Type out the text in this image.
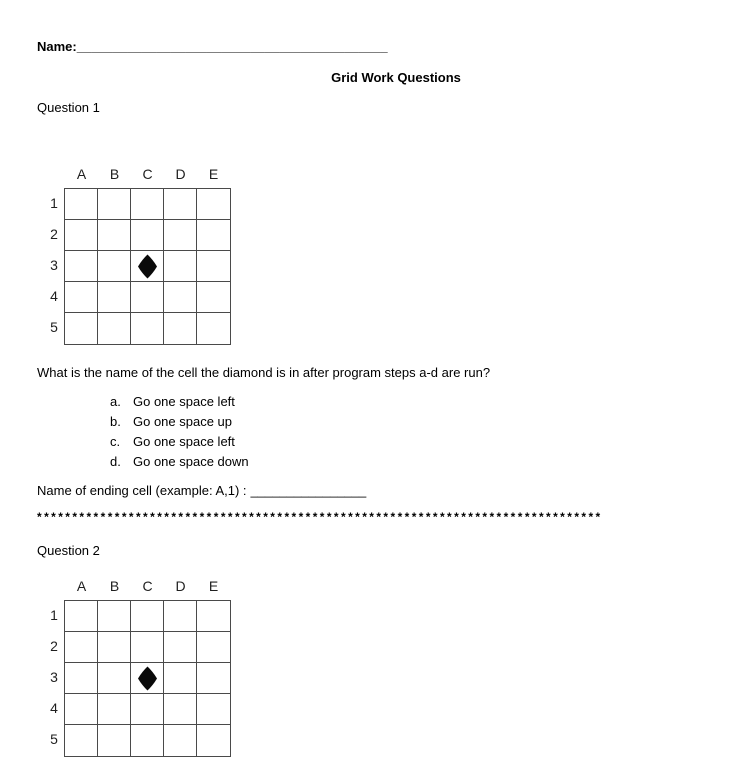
Name:___________________________________________
Grid Work Questions
Question 1
A	B	C	D	E
1
2
3
4
5
What is the name of the cell the diamond is in after program steps a-d are run?
a. Go one space left
b. Go one space up
c. Go one space left
d. Go one space down
Name of ending cell (example: A,1) : ________________
********************************************************************************
Question 2
A	B	C	D	E
1
2
3
4
5
